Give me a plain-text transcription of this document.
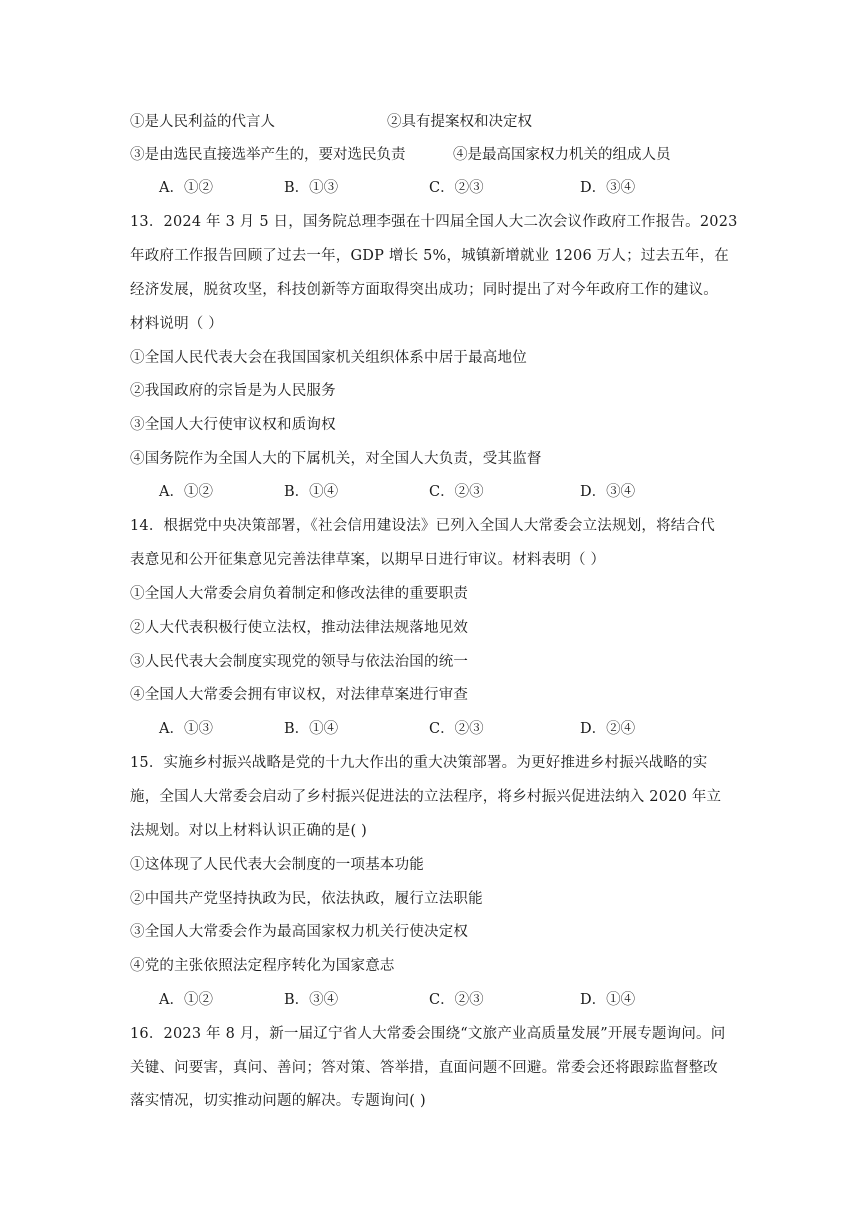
①是人民利益的代言人	②具有提案权和决定权
③是由选民直接选举产生的，要对选民负责	④是最高国家权力机关的组成人员
A．①②	B．①③	C．②③	D．③④
13．2024 年 3 月 5 日，国务院总理李强在十四届全国人大二次会议作政府工作报告。2023
年政府工作报告回顾了过去一年，GDP 增长 5%，城镇新增就业 1206 万人；过去五年，在
经济发展，脱贫攻坚，科技创新等方面取得突出成功；同时提出了对今年政府工作的建议。
材料说明（ ）
①全国人民代表大会在我国国家机关组织体系中居于最高地位
②我国政府的宗旨是为人民服务
③全国人大行使审议权和质询权
④国务院作为全国人大的下属机关，对全国人大负责，受其监督
A．①②	B．①④	C．②③	D．③④
14．根据党中央决策部署，《社会信用建设法》已列入全国人大常委会立法规划，将结合代
表意见和公开征集意见完善法律草案，以期早日进行审议。材料表明（ ）
①全国人大常委会肩负着制定和修改法律的重要职责
②人大代表积极行使立法权，推动法律法规落地见效
③人民代表大会制度实现党的领导与依法治国的统一
④全国人大常委会拥有审议权，对法律草案进行审查
A．①③	B．①④	C．②③	D．②④
15．实施乡村振兴战略是党的十九大作出的重大决策部署。为更好推进乡村振兴战略的实
施，全国人大常委会启动了乡村振兴促进法的立法程序，将乡村振兴促进法纳入 2020 年立
法规划。对以上材料认识正确的是( )
①这体现了人民代表大会制度的一项基本功能
②中国共产党坚持执政为民，依法执政，履行立法职能
③全国人大常委会作为最高国家权力机关行使决定权
④党的主张依照法定程序转化为国家意志
A．①②	B．③④	C．②③	D．①④
16．2023 年 8 月，新一届辽宁省人大常委会围绕“文旅产业高质量发展”开展专题询问。问
关键、问要害，真问、善问；答对策、答举措，直面问题不回避。常委会还将跟踪监督整改
落实情况，切实推动问题的解决。专题询问( )
